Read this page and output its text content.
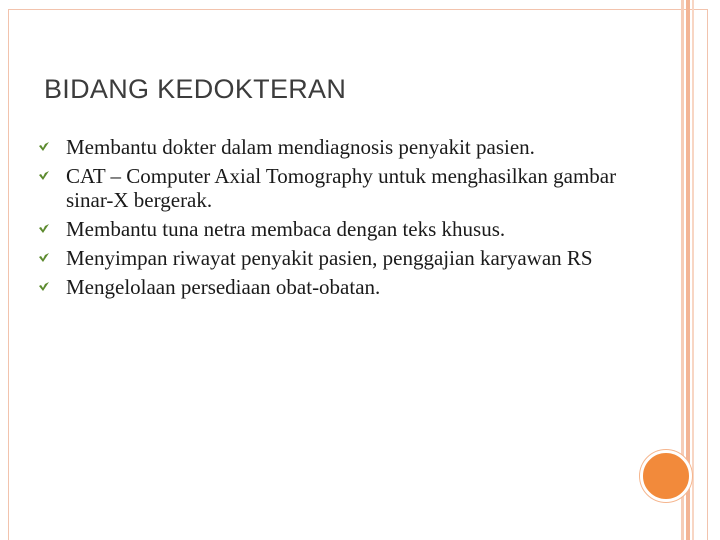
BIDANG KEDOKTERAN
Membantu dokter dalam mendiagnosis penyakit pasien.
CAT – Computer Axial Tomography untuk menghasilkan gambar sinar-X bergerak.
Membantu tuna netra membaca dengan teks khusus.
Menyimpan riwayat penyakit pasien, penggajian karyawan RS
Mengelolaan persediaan obat-obatan.
